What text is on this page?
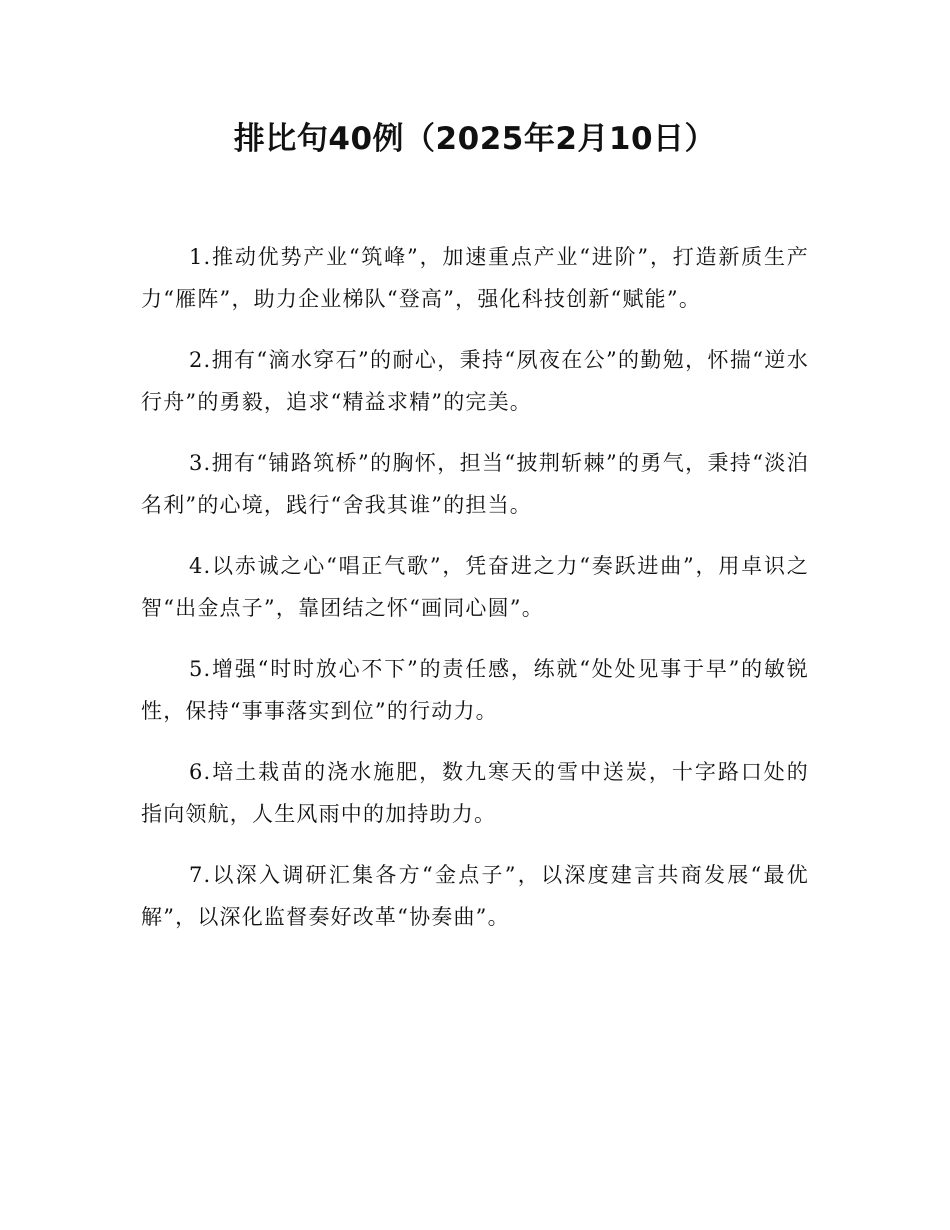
排比句40例（2025年2月10日）

1.推动优势产业“筑峰”，加速重点产业“进阶”，打造新质生产力“雁阵”，助力企业梯队“登高”，强化科技创新“赋能”。

2.拥有“滴水穿石”的耐心，秉持“夙夜在公”的勤勉，怀揣“逆水行舟”的勇毅，追求“精益求精”的完美。

3.拥有“铺路筑桥”的胸怀，担当“披荆斩棘”的勇气，秉持“淡泊名利”的心境，践行“舍我其谁”的担当。

4.以赤诚之心“唱正气歌”，凭奋进之力“奏跃进曲”，用卓识之智“出金点子”，靠团结之怀“画同心圆”。

5.增强“时时放心不下”的责任感，练就“处处见事于早”的敏锐性，保持“事事落实到位”的行动力。

6.培土栽苗的浇水施肥，数九寒天的雪中送炭，十字路口处的指向领航，人生风雨中的加持助力。

7.以深入调研汇集各方“金点子”，以深度建言共商发展“最优解”，以深化监督奏好改革“协奏曲”。
